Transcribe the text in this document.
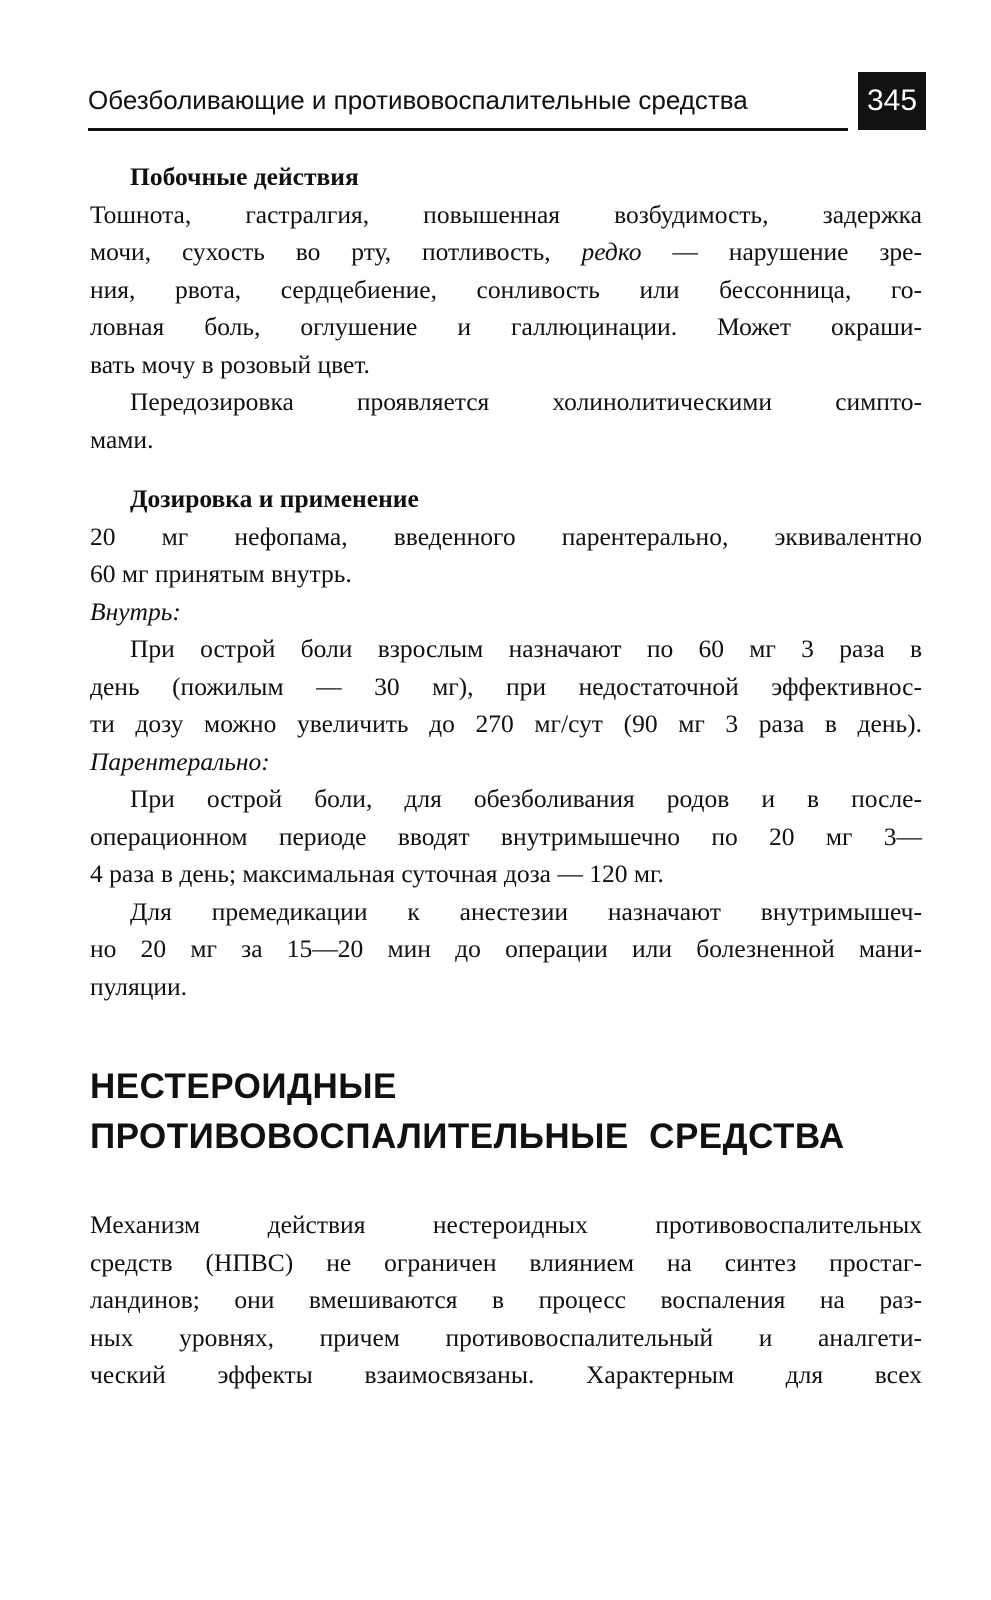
Обезболивающие и противовоспалительные средства	345
Побочные действия
Тошнота, гастралгия, повышенная возбудимость, задержка
мочи, сухость во рту, потливость, редко — нарушение зре-
ния, рвота, сердцебиение, сонливость или бессонница, го-
ловная боль, оглушение и галлюцинации. Может окраши-
вать мочу в розовый цвет.
Передозировка проявляется холинолитическими симпто-
мами.
Дозировка и применение
20 мг нефопама, введенного парентерально, эквивалентно
60 мг принятым внутрь.
Внутрь:
При острой боли взрослым назначают по 60 мг 3 раза в
день (пожилым — 30 мг), при недостаточной эффективнос-
ти дозу можно увеличить до 270 мг/сут (90 мг 3 раза в день).
Парентерально:
При острой боли, для обезболивания родов и в после-
операционном периоде вводят внутримышечно по 20 мг 3—
4 раза в день; максимальная суточная доза — 120 мг.
Для премедикации к анестезии назначают внутримышеч-
но 20 мг за 15—20 мин до операции или болезненной мани-
пуляции.
НЕСТЕРОИДНЫЕ
ПРОТИВОВОСПАЛИТЕЛЬНЫЕ  СРЕДСТВА
Механизм действия нестероидных противовоспалительных
средств (НПВС) не ограничен влиянием на синтез простаг-
ландинов; они вмешиваются в процесс воспаления на раз-
ных уровнях, причем противовоспалительный и аналгети-
ческий эффекты взаимосвязаны. Характерным для всех
